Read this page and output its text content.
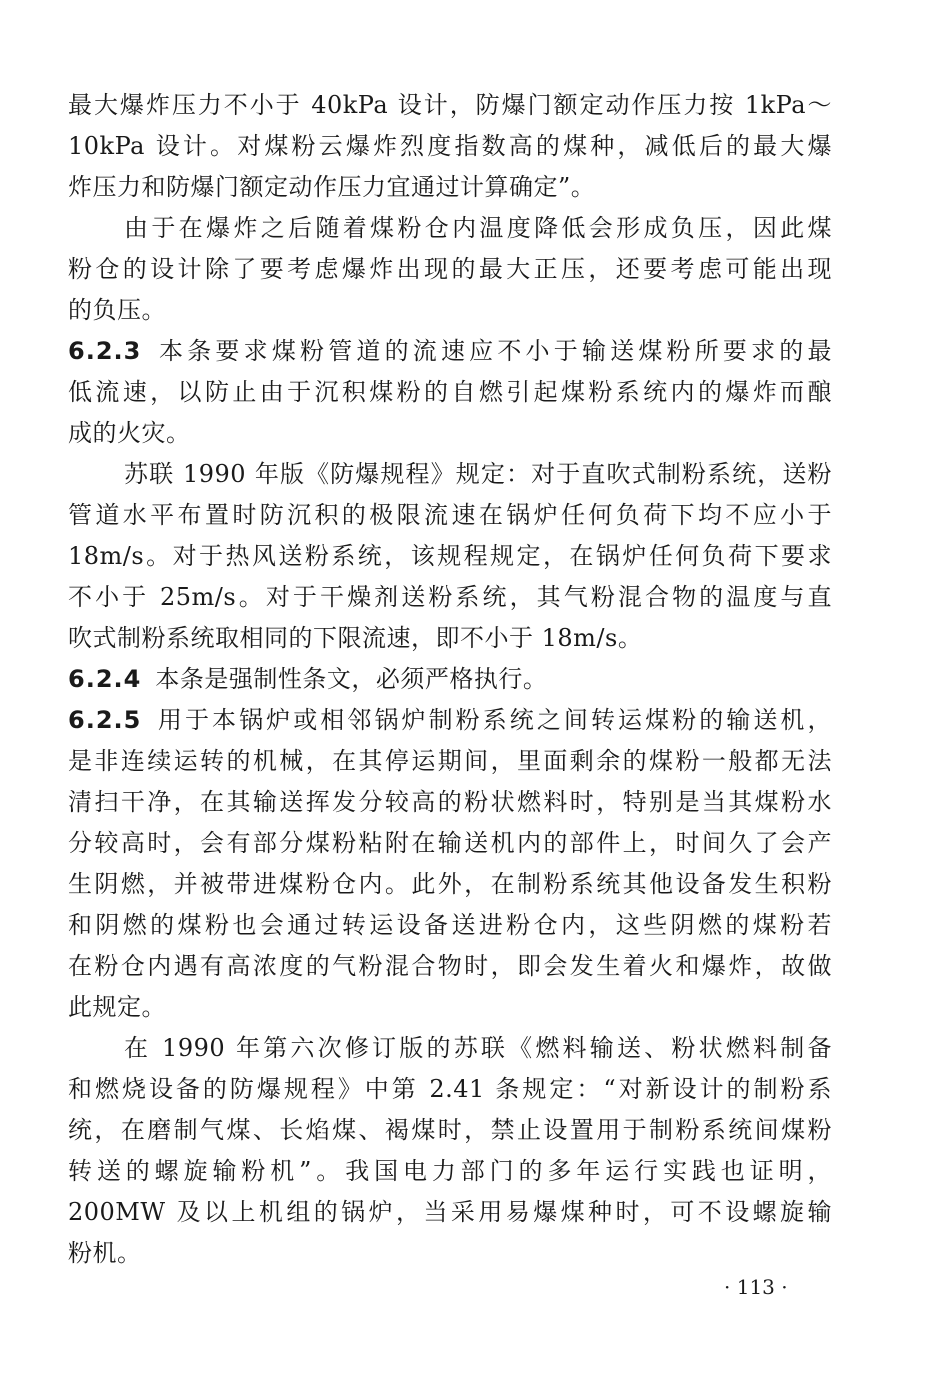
最大爆炸压力不小于 40kPa 设计，防爆门额定动作压力按 1kPa～
10kPa 设计。对煤粉云爆炸烈度指数高的煤种，减低后的最大爆
炸压力和防爆门额定动作压力宜通过计算确定”。
由于在爆炸之后随着煤粉仓内温度降低会形成负压，因此煤
粉仓的设计除了要考虑爆炸出现的最大正压，还要考虑可能出现
的负压。
6.2.3 本条要求煤粉管道的流速应不小于输送煤粉所要求的最
低流速，以防止由于沉积煤粉的自燃引起煤粉系统内的爆炸而酿
成的火灾。
苏联 1990 年版《防爆规程》规定：对于直吹式制粉系统，送粉
管道水平布置时防沉积的极限流速在锅炉任何负荷下均不应小于
18m/s。对于热风送粉系统，该规程规定，在锅炉任何负荷下要求
不小于 25m/s。对于干燥剂送粉系统，其气粉混合物的温度与直
吹式制粉系统取相同的下限流速，即不小于 18m/s。
6.2.4 本条是强制性条文，必须严格执行。
6.2.5 用于本锅炉或相邻锅炉制粉系统之间转运煤粉的输送机，
是非连续运转的机械，在其停运期间，里面剩余的煤粉一般都无法
清扫干净，在其输送挥发分较高的粉状燃料时，特别是当其煤粉水
分较高时，会有部分煤粉粘附在输送机内的部件上，时间久了会产
生阴燃，并被带进煤粉仓内。此外，在制粉系统其他设备发生积粉
和阴燃的煤粉也会通过转运设备送进粉仓内，这些阴燃的煤粉若
在粉仓内遇有高浓度的气粉混合物时，即会发生着火和爆炸，故做
此规定。
在 1990 年第六次修订版的苏联《燃料输送、粉状燃料制备
和燃烧设备的防爆规程》中第 2.41 条规定：“对新设计的制粉系
统，在磨制气煤、长焰煤、褐煤时，禁止设置用于制粉系统间煤粉
转送的螺旋输粉机”。我国电力部门的多年运行实践也证明，
200MW 及以上机组的锅炉，当采用易爆煤种时，可不设螺旋输
粉机。
· 113 ·
